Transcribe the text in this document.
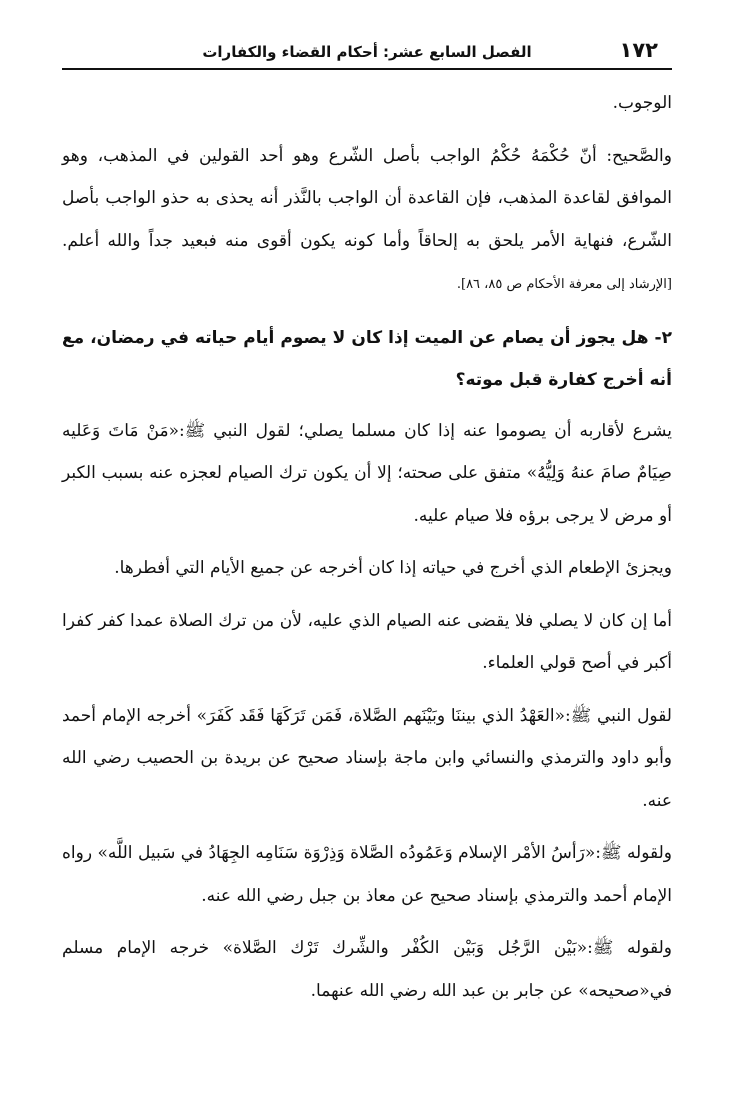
١٧٢
الفصل السابع عشر: أحكام القضاء والكفارات

الوجوب.

والصَّحيح: أنّ حُكْمَهُ حُكْمُ الواجب بأصل الشّرع وهو أحد القولين في المذهب، وهو الموافق لقاعدة المذهب، فإن القاعدة أن الواجب بالنَّذر أنه يحذى به حذو الواجب بأصل الشّرع، فنهاية الأمر يلحق به إلحاقاً وأما كونه يكون أقوى منه فبعيد جداً والله أعلم. [الإرشاد إلى معرفة الأحكام ص ٨٥، ٨٦].

٢- هل يجوز أن يصام عن الميت إذا كان لا يصوم أيام حياته في رمضان، مع أنه أخرج كفارة قبل موته؟

يشرع لأقاربه أن يصوموا عنه إذا كان مسلما يصلي؛ لقول النبي ﷺ:«مَنْ مَاتَ وَعَليه صِيَامٌ صامَ عنهُ وَلِيُّهُ» متفق على صحته؛ إلا أن يكون ترك الصيام لعجزه عنه بسبب الكبر أو مرض لا يرجى برؤه فلا صيام عليه.

ويجزئ الإطعام الذي أخرج في حياته إذا كان أخرجه عن جميع الأيام التي أفطرها.

أما إن كان لا يصلي فلا يقضى عنه الصيام الذي عليه، لأن من ترك الصلاة عمدا كفر كفرا أكبر في أصح قولي العلماء.

لقول النبي ﷺ:«العَهْدُ الذي بيننَا وبَيْنَهم الصَّلاة، فَمَن تَرَكَهَا فَقَد كَفَرَ» أخرجه الإمام أحمد وأبو داود والترمذي والنسائي وابن ماجة بإسناد صحيح عن بريدة بن الحصيب رضي الله عنه.

ولقوله ﷺ:«رَأسُ الأمْر الإسلام وَعَمُودُه الصَّلاة وَذِرْوَة سَنَامِه الجِهَادُ في سَبيل اللَّه» رواه الإمام أحمد والترمذي بإسناد صحيح عن معاذ بن جبل رضي الله عنه.

ولقوله ﷺ:«بَيْن الرَّجُل وَبَيْن الكُفْر والشِّرك تَرْك الصَّلاة» خرجه الإمام مسلم في«صحيحه» عن جابر بن عبد الله رضي الله عنهما.
